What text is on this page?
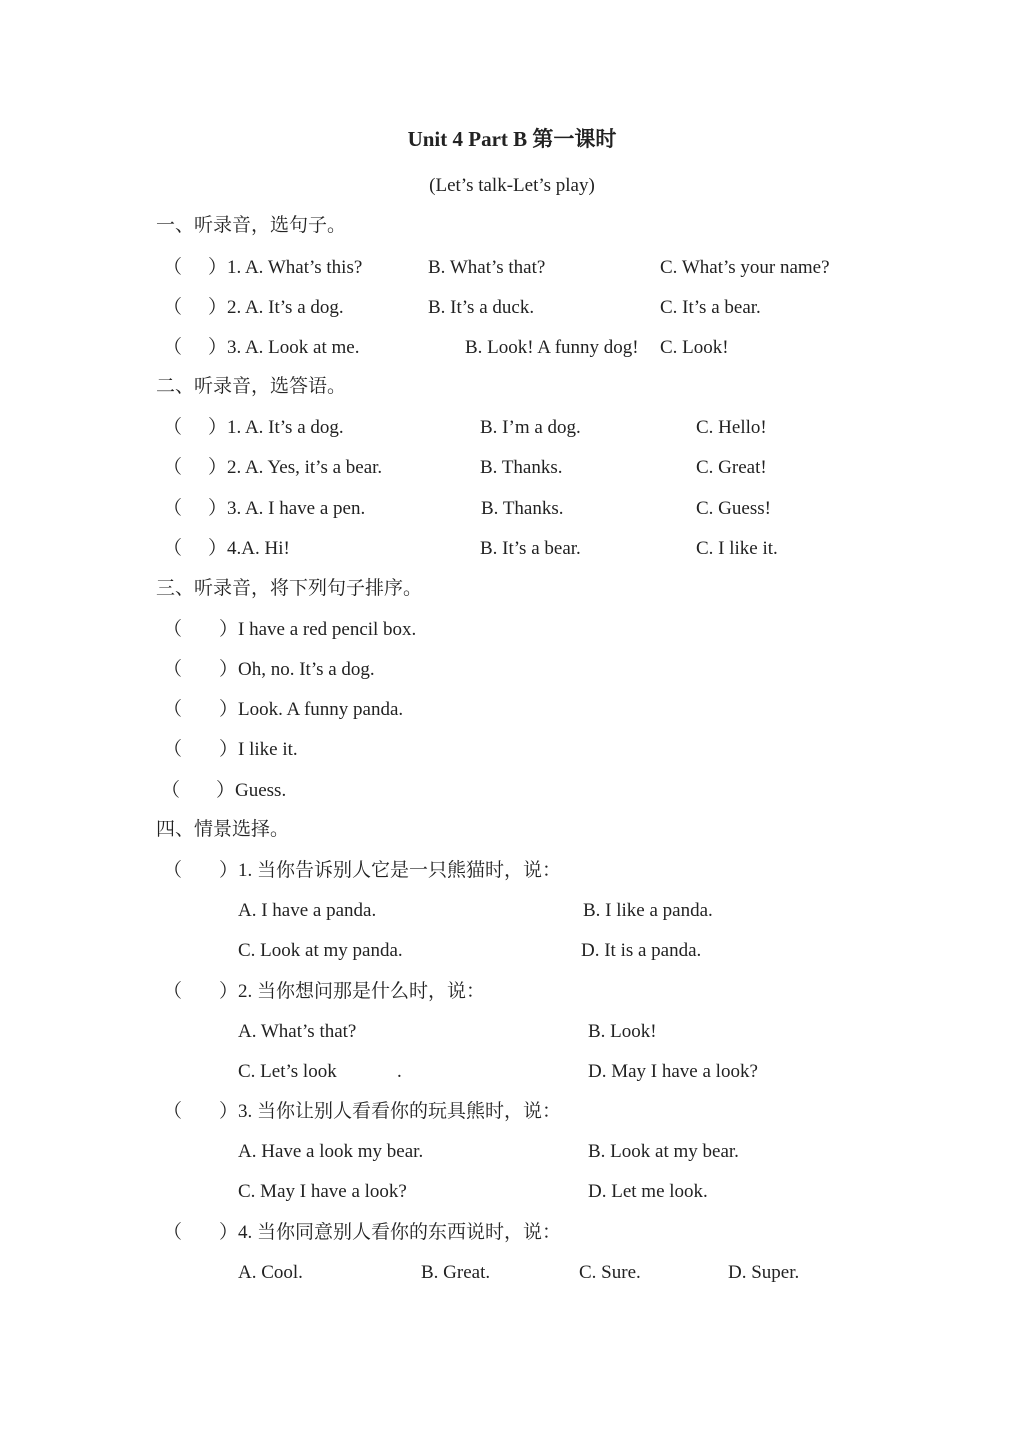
Unit 4 Part B 第一课时
(Let’s talk-Let’s play)
一、听录音，选句子。
（ ）1. A. What’s this?	B. What’s that?	C. What’s your name?
（ ）2. A. It’s a dog.	B. It’s a duck.	C. It’s a bear.
（ ）3. A. Look at me.	B. Look! A funny dog! C. Look!
二、听录音，选答语。
（ ）1. A. It’s a dog.	B. I’m a dog.	C. Hello!
（ ）2. A. Yes, it’s a bear.	B. Thanks.	C. Great!
（ ）3. A. I have a pen.	B. Thanks.	C. Guess!
（ ）4.A. Hi!	B. It’s a bear.	C. I like it.
三、听录音，将下列句子排序。
（ ）I have a red pencil box.
（ ）Oh, no. It’s a dog.
（ ）Look. A funny panda.
（ ）I like it.
（ ）Guess.
四、情景选择。
（ ）1. 当你告诉别人它是一只熊猫时，说：
A. I have a panda.	B. I like a panda.
C. Look at my panda.	D. It is a panda.
（ ）2. 当你想问那是什么时，说：
A. What’s that?	B. Look!
C. Let’s look	.	D. May I have a look?
（ ）3. 当你让别人看看你的玩具熊时，说：
A. Have a look my bear.	B. Look at my bear.
C. May I have a look?	D. Let me look.
（ ）4. 当你同意别人看你的东西说时，说：
A. Cool.	B. Great.	C. Sure.	D. Super.
